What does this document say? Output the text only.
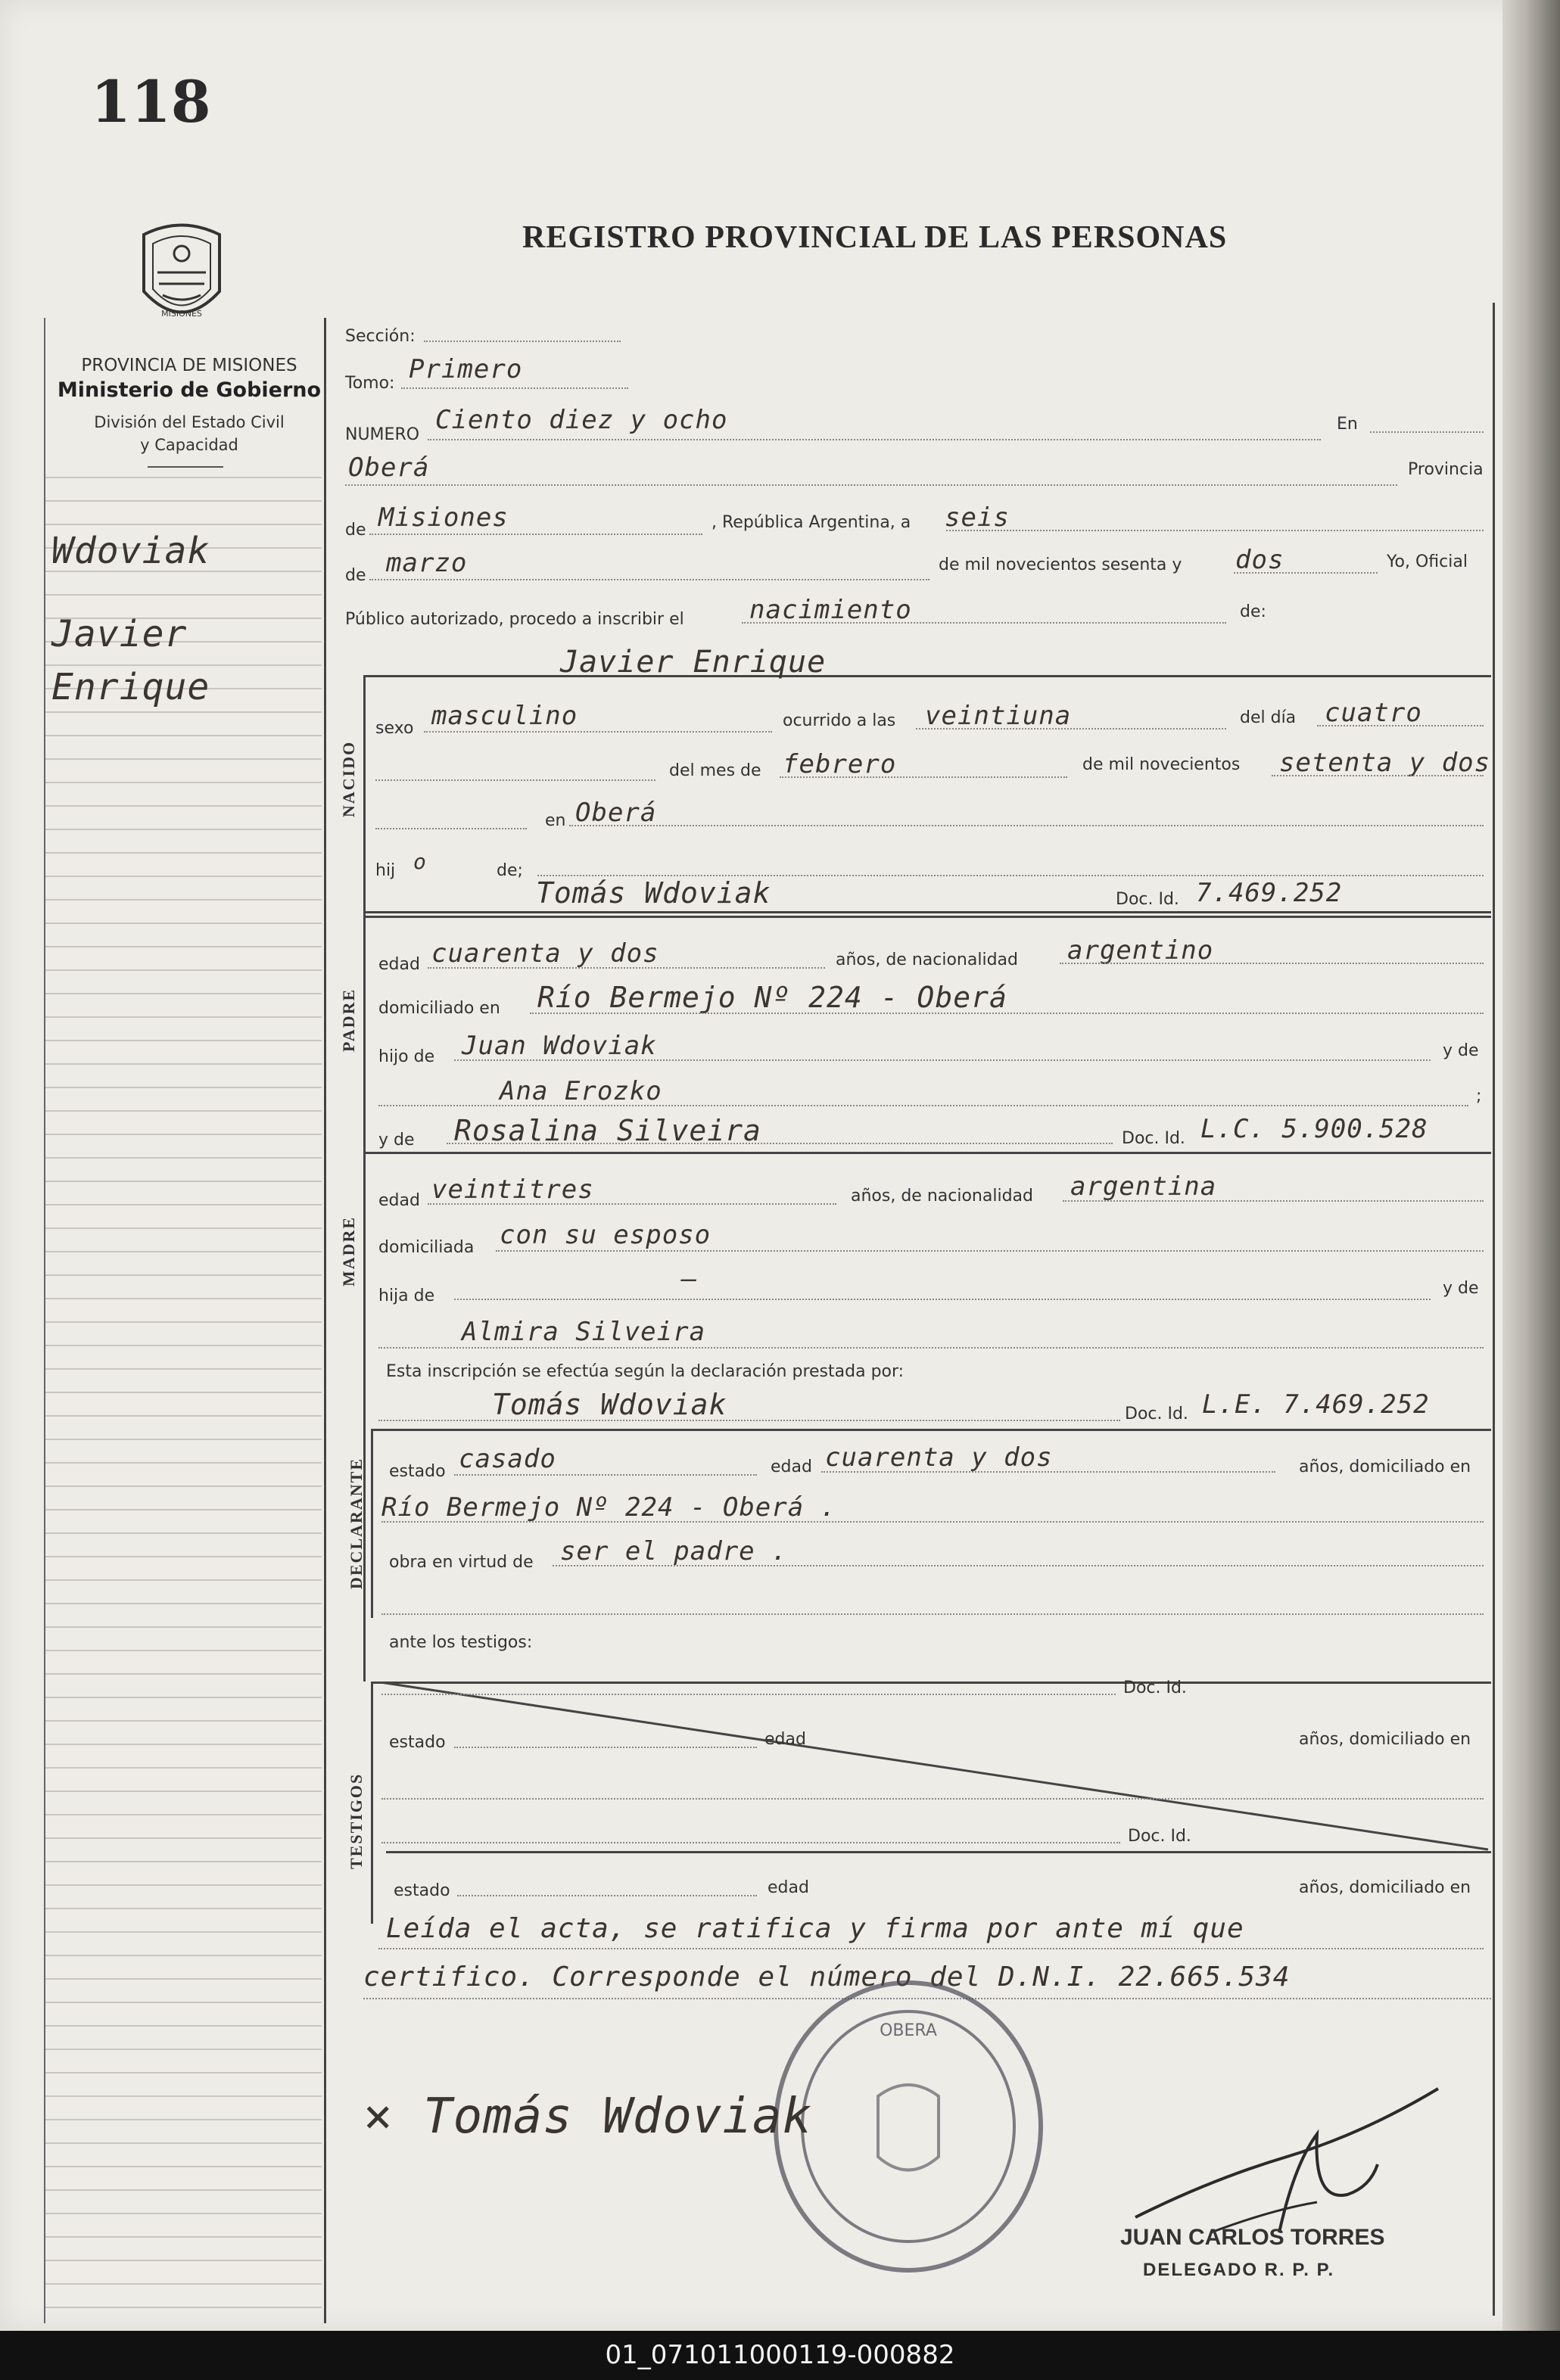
118
REGISTRO PROVINCIAL DE LAS PERSONAS
MISIONES
PROVINCIA DE MISIONES
Ministerio de Gobierno
División del Estado Civil
y Capacidad
Wdoviak
Javier
Enrique
Sección:
Tomo: Primero
NUMERO Ciento diez y ocho	En
Oberá	Provincia
de Misiones	, República Argentina, a seis
de marzo	de mil novecientos sesenta y dos	Yo, Oficial
Público autorizado, procedo a inscribir el	nacimiento	de:
NACIDO
Javier Enrique
sexo masculino	ocurrido a las veintiuna	del día cuatro
del mes de febrero	de mil novecientos setenta y dos
en Oberá
hij o	de;
Tomás Wdoviak	Doc. Id. 7.469.252
PADRE
edad cuarenta y dos	años, de nacionalidad argentino
domiciliado en Río Bermejo Nº 224 - Oberá
hijo de Juan Wdoviak	y de
Ana Erozko	;
y de Rosalina Silveira	Doc. Id. L.C. 5.900.528
MADRE
edad veintitres	años, de nacionalidad argentina
domiciliada con su esposo
hija de
—	y de
Almira Silveira
Esta inscripción se efectúa según la declaración prestada por:
Tomás Wdoviak	Doc. Id. L.E. 7.469.252
DECLARANTE estado casado	edad cuarenta y dos	años, domiciliado en
Río Bermejo Nº 224 - Oberá .
obra en virtud de ser el padre .
ante los testigos:
TESTIGOS
Doc. Id.
estado	edad	años, domiciliado en
Doc. Id.
estado	edad	años, domiciliado en
Leída el acta, se ratifica y firma por ante mí que
certifico. Corresponde el número del D.N.I. 22.665.534
OBERA
× Tomás Wdoviak
JUAN CARLOS TORRES
DELEGADO R. P. P.
01_071011000119-000882
